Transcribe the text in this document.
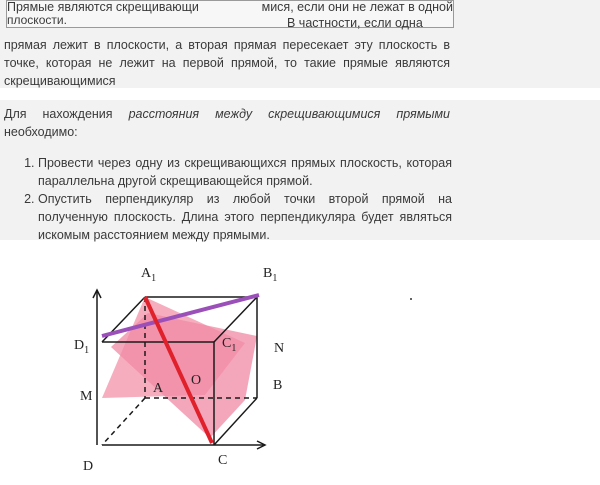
Прямые являются скрещивающи	мися, если они не лежат в одной
плоскости.	В частности, если одна

прямая лежит в плоскости, а вторая прямая пересекает эту плоскость в

точке, которая не лежит на первой прямой, то такие прямые являются

скрещивающимися

Для нахождения расстояния между скрещивающимися прямыми

необходимо:

1. Провести через одну из скрещивающихся прямых плоскость, которая
параллельна другой скрещивающейся прямой.
2. Опустить перпендикуляр из любой точки второй прямой на
полученную плоскость. Длина этого перпендикуляра будет являться
искомым расстоянием между прямыми.
$A_1$	$B_1$
$D_1$	$C_1$	N
M
A
O	B
C
D
